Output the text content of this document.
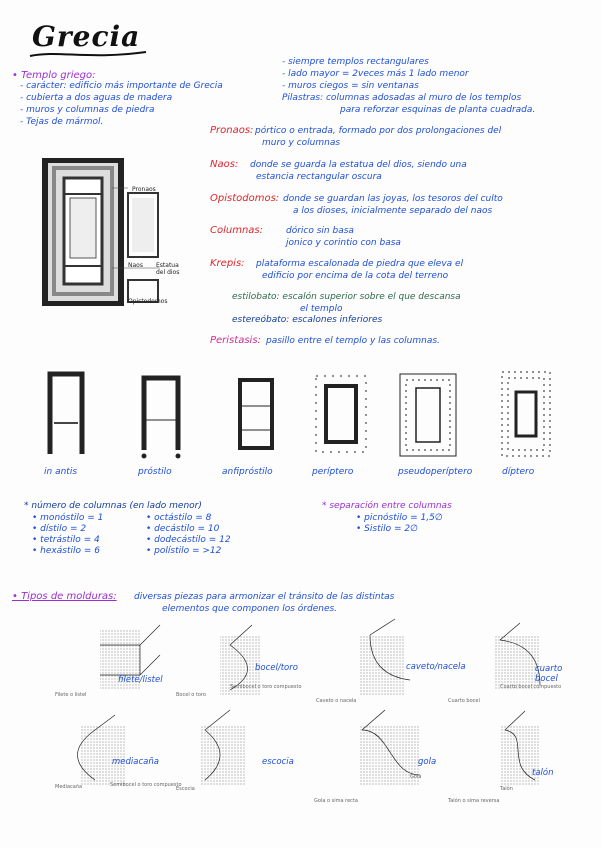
Grecia
• Templo griego:
- carácter: edificio más importante de Grecia
- cubierta a dos aguas de madera
- muros y columnas de piedra
- Tejas de mármol.
- siempre templos rectangulares
- lado mayor = 2veces más 1 lado menor
- muros ciegos = sin ventanas
Pilastras: columnas adosadas al muro de los templos
para reforzar esquinas de planta cuadrada.
Pronaos
Naos Estatua del dios
Opistodomos
Pronaos: pórtico o entrada, formado por dos prolongaciones del
muro y columnas
Naos: donde se guarda la estatua del dios, siendo una
estancia rectangular oscura
Opistodomos: donde se guardan las joyas, los tesoros del culto
a los dioses, inicialmente separado del naos
Columnas:	dórico sin basa
jonico y corintio con basa
Krepis: plataforma escalonada de piedra que eleva el
edificio por encima de la cota del terreno
estilobato: escalón superior sobre el que descansa
el templo
estereóbato: escalones inferiores
Peristasis: pasillo entre el templo y las columnas.
in antis	próstilo	anfipróstilo	períptero	pseudoperíptero	díptero
* número de columnas (en lado menor)
• monóstilo = 1
• dístilo = 2
• tetrástilo = 4
• hexástilo = 6
• octástilo = 8
• decástilo = 10
• dodecástilo = 12
• polístilo = >12
* separación entre columnas
• picnóstilo = 1,5∅
• Sistilo = 2∅
• Tipos de molduras: diversas piezas para armonizar el tránsito de las distintas
elementos que componen los órdenes.
filete/listel
bocel/toro	caveto/nacela	cuarto bocel
mediacaña	escocia	gola
talón
Filete o listel	Bocel o toro
Semibocel o toro compuesto
Caveto o nacela	Cuarto bocel
Cuarto bocel compuesto
Mediacaña	Semibocel o toro compuesto
Escocia
Gola
Gola o sima recta
Talón
Talón o sima reversa
